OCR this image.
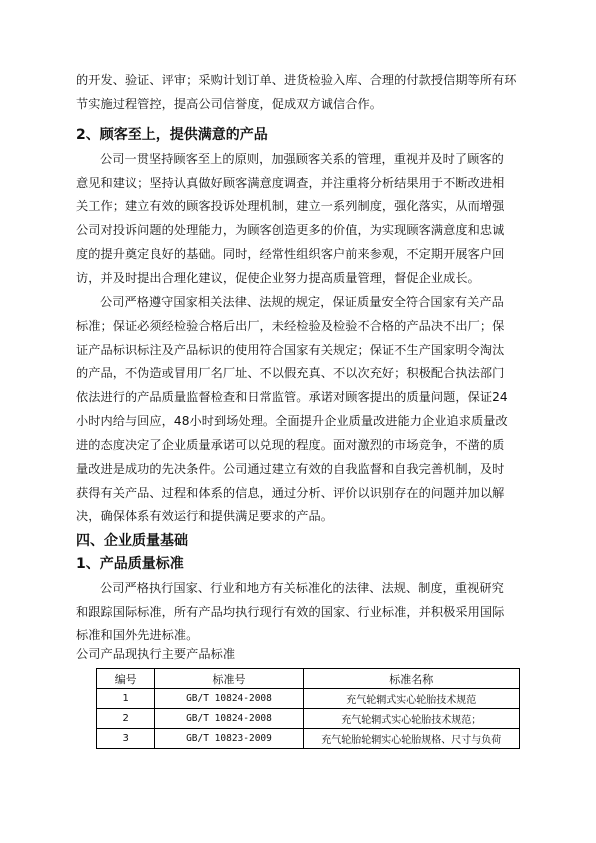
的开发、验证、评审；采购计划订单、进货检验入库、合理的付款授信期等所有环
节实施过程管控，提高公司信誉度，促成双方诚信合作。
2、顾客至上，提供满意的产品
公司一贯坚持顾客至上的原则，加强顾客关系的管理，重视并及时了顾客的
意见和建议；坚持认真做好顾客满意度调查，并注重将分析结果用于不断改进相
关工作；建立有效的顾客投诉处理机制，建立一系列制度，强化落实，从而增强
公司对投诉问题的处理能力，为顾客创造更多的价值，为实现顾客满意度和忠诚
度的提升奠定良好的基础。同时，经常性组织客户前来参观，不定期开展客户回
访，并及时提出合理化建议，促使企业努力提高质量管理，督促企业成长。
公司严格遵守国家相关法律、法规的规定，保证质量安全符合国家有关产品
标准；保证必须经检验合格后出厂，未经检验及检验不合格的产品决不出厂；保
证产品标识标注及产品标识的使用符合国家有关规定；保证不生产国家明令淘汰
的产品，不伪造或冒用厂名厂址、不以假充真、不以次充好；积极配合执法部门
依法进行的产品质量监督检查和日常监管。承诺对顾客提出的质量问题，保证24
小时内给与回应，48小时到场处理。全面提升企业质量改进能力企业追求质量改
进的态度决定了企业质量承诺可以兑现的程度。面对激烈的市场竞争，不凿的质
量改进是成功的先决条件。公司通过建立有效的自我监督和自我完善机制，及时
获得有关产品、过程和体系的信息，通过分析、评价以识别存在的问题并加以解
决，确保体系有效运行和提供满足要求的产品。
四、企业质量基础
1、产品质量标准
公司严格执行国家、行业和地方有关标准化的法律、法规、制度，重视研究
和跟踪国际标准，所有产品均执行现行有效的国家、行业标准，并积极采用国际
标准和国外先进标准。
公司产品现执行主要产品标准
编号	标准号	标准名称
1	GB/T 10824-2008	充气轮辋式实心轮胎技术规范
2	GB/T 10824-2008	充气轮辋式实心轮胎技术规范；
3	GB/T 10823-2009	充气轮胎轮辋实心轮胎规格、尺寸与负荷
